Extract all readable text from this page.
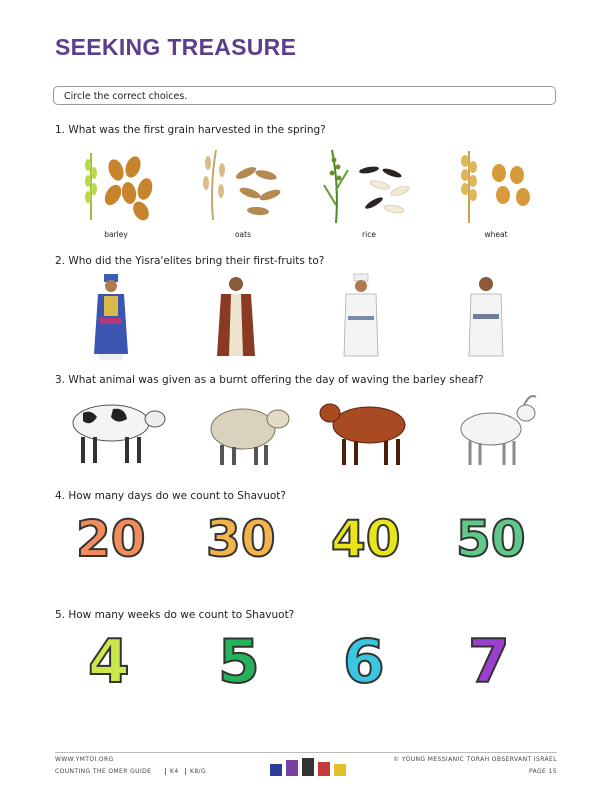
SEEKING TREASURE
Circle the correct choices.
1. What was the first grain harvested in the spring?
barley	oats	rice	wheat
2. Who did the Yisra'elites bring their first-fruits to?
3. What animal was given as a burnt offering the day of waving the barley sheaf?
4. How many days do we count to Shavuot?
20 30 40 50
5. How many weeks do we count to Shavuot?
4 5 6 7
WWW.YMTOI.ORG
COUNTING THE OMER GUIDE	K4	K8/G
© YOUNG MESSIANIC TORAH OBSERVANT ISRAEL
PAGE 15
